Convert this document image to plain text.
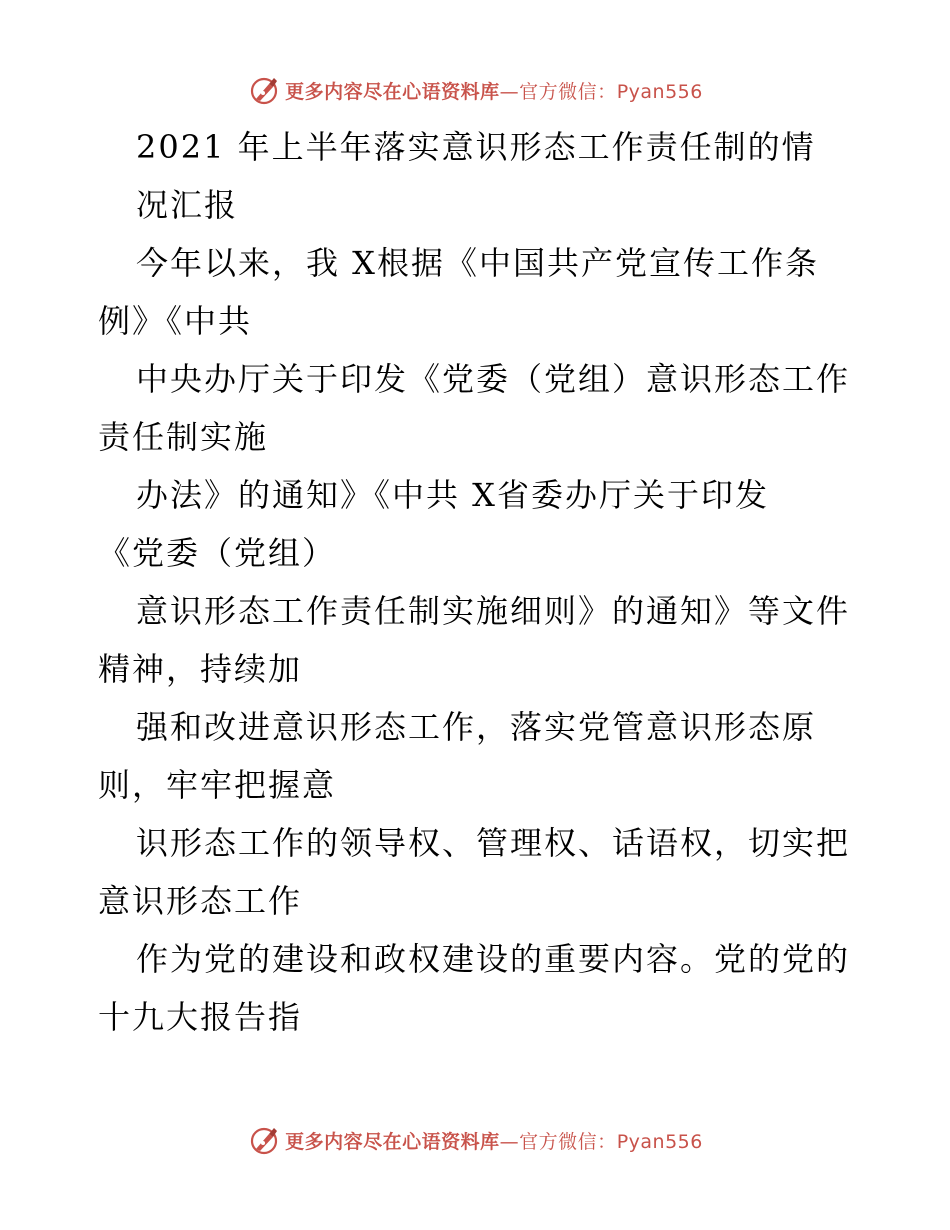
更多内容尽在心语资料库—官方微信：Pyan556
2021 年上半年落实意识形态工作责任制的情
况汇报
今年以来，我 X根据《中国共产党宣传工作条
例》《中共
中央办厅关于印发《党委（党组）意识形态工作
责任制实施
办法》的通知》《中共 X省委办厅关于印发
《党委（党组）
意识形态工作责任制实施细则》的通知》等文件
精神，持续加
强和改进意识形态工作，落实党管意识形态原
则，牢牢把握意
识形态工作的领导权、管理权、话语权，切实把
意识形态工作
作为党的建设和政权建设的重要内容。党的党的
十九大报告指
更多内容尽在心语资料库—官方微信：Pyan556
